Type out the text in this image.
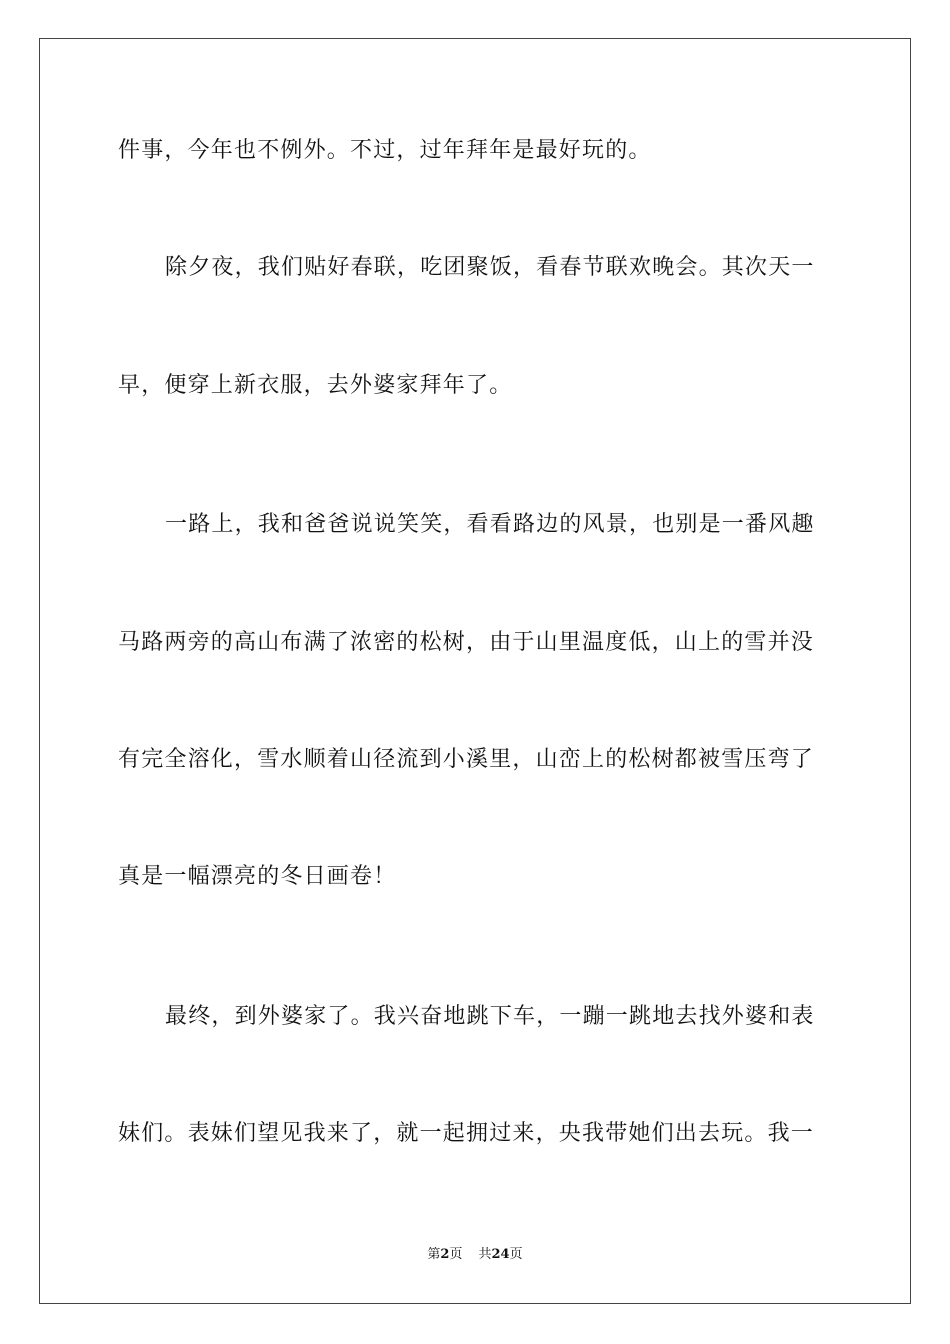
件事，今年也不例外。不过，过年拜年是最好玩的。
除夕夜，我们贴好春联，吃团聚饭，看春节联欢晚会。其次天一
早，便穿上新衣服，去外婆家拜年了。
一路上，我和爸爸说说笑笑，看看路边的风景，也别是一番风趣
马路两旁的高山布满了浓密的松树，由于山里温度低，山上的雪并没
有完全溶化，雪水顺着山径流到小溪里，山峦上的松树都被雪压弯了
真是一幅漂亮的冬日画卷！
最终，到外婆家了。我兴奋地跳下车，一蹦一跳地去找外婆和表
妹们。表妹们望见我来了，就一起拥过来，央我带她们出去玩。我一
第2页 共24页
